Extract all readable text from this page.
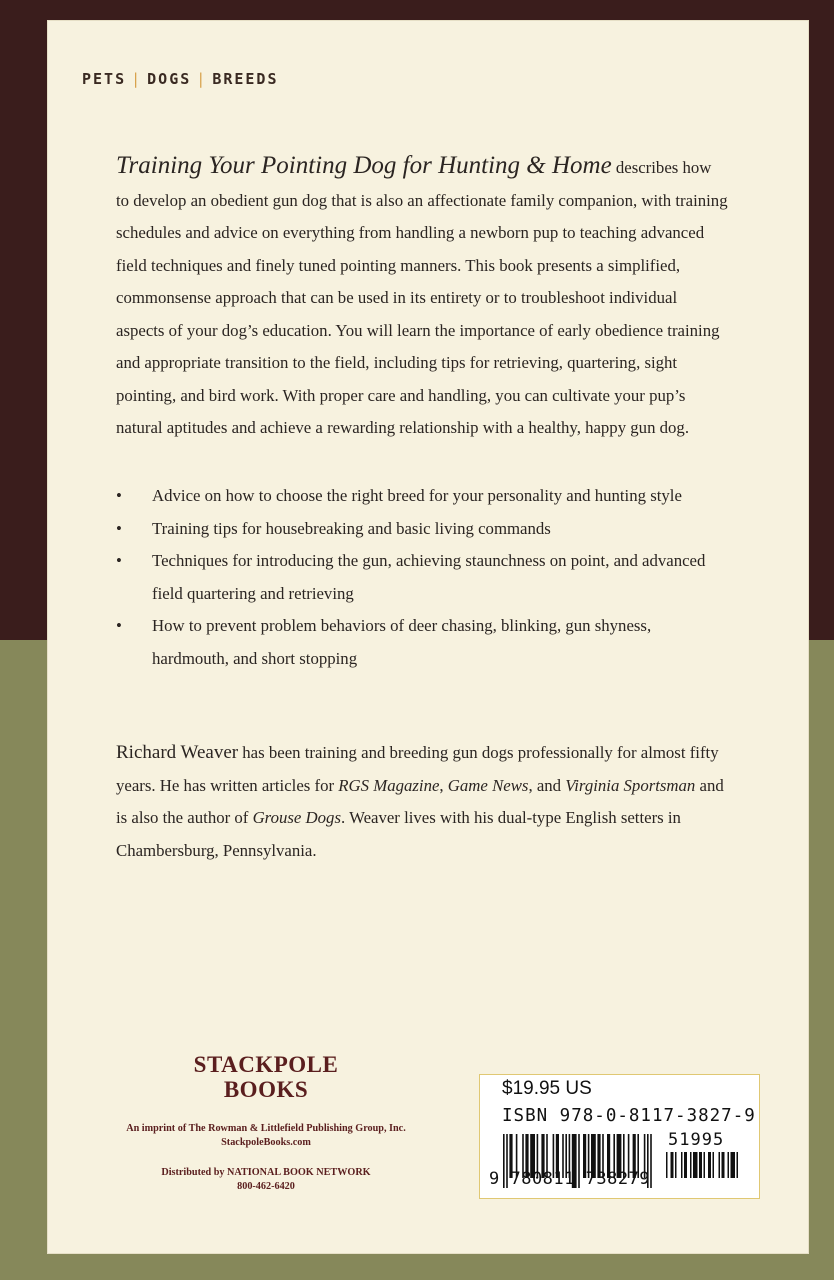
PETS | DOGS | BREEDS

Training Your Pointing Dog for Hunting & Home describes how to develop an obedient gun dog that is also an affectionate family companion, with training schedules and advice on everything from handling a newborn pup to teaching advanced field techniques and finely tuned pointing manners. This book presents a simplified, commonsense approach that can be used in its entirety or to troubleshoot individual aspects of your dog’s education. You will learn the importance of early obedience training and appropriate transition to the field, including tips for retrieving, quartering, sight pointing, and bird work. With proper care and handling, you can cultivate your pup’s natural aptitudes and achieve a rewarding relationship with a healthy, happy gun dog.

• Advice on how to choose the right breed for your personality and hunting style
• Training tips for housebreaking and basic living commands
• Techniques for introducing the gun, achieving staunchness on point, and advanced field quartering and retrieving
• How to prevent problem behaviors of deer chasing, blinking, gun shyness, hardmouth, and short stopping

Richard Weaver has been training and breeding gun dogs professionally for almost fifty years. He has written articles for RGS Magazine, Game News, and Virginia Sportsman and is also the author of Grouse Dogs. Weaver lives with his dual-type English setters in Chambersburg, Pennsylvania.

STACKPOLE
BOOKS
An imprint of The Rowman & Littlefield Publishing Group, Inc.
StackpoleBooks.com
Distributed by NATIONAL BOOK NETWORK
800-462-6420
$19.95 US
ISBN 978-0-8117-3827-9
51995
9 780811 738279
